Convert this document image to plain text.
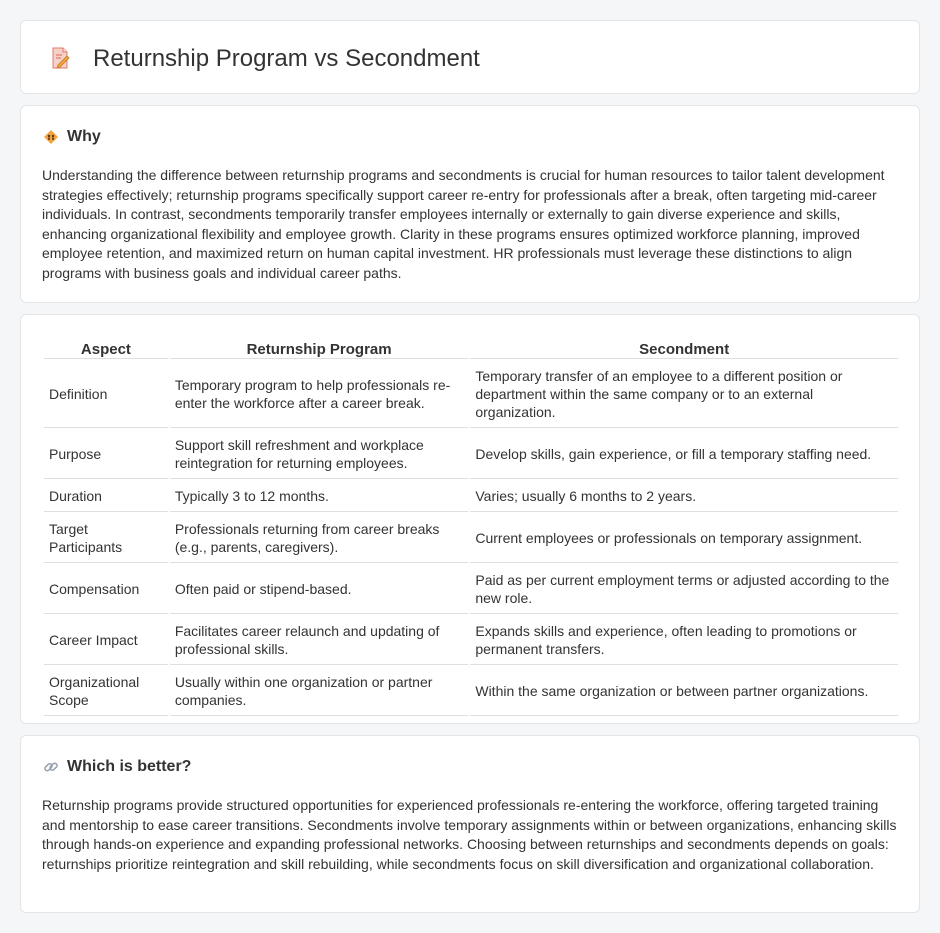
Returnship Program vs Secondment
Why

Understanding the difference between returnship programs and secondments is crucial for human resources to tailor talent development strategies effectively; returnship programs specifically support career re-entry for professionals after a break, often targeting mid-career individuals. In contrast, secondments temporarily transfer employees internally or externally to gain diverse experience and skills, enhancing organizational flexibility and employee growth. Clarity in these programs ensures optimized workforce planning, improved employee retention, and maximized return on human capital investment. HR professionals must leverage these distinctions to align programs with business goals and individual career paths.

Aspect	Returnship Program	Secondment
Definition	Temporary program to help professionals re-enter the workforce after a career break.	Temporary transfer of an employee to a different position or department within the same company or to an external organization.
Purpose	Support skill refreshment and workplace reintegration for returning employees.	Develop skills, gain experience, or fill a temporary staffing need.
Duration	Typically 3 to 12 months.	Varies; usually 6 months to 2 years.
Target Participants	Professionals returning from career breaks (e.g., parents, caregivers).	Current employees or professionals on temporary assignment.
Compensation	Often paid or stipend-based.	Paid as per current employment terms or adjusted according to the new role.
Career Impact	Facilitates career relaunch and updating of professional skills.	Expands skills and experience, often leading to promotions or permanent transfers.
Organizational Scope	Usually within one organization or partner companies.	Within the same organization or between partner organizations.
Which is better?

Returnship programs provide structured opportunities for experienced professionals re-entering the workforce, offering targeted training and mentorship to ease career transitions. Secondments involve temporary assignments within or between organizations, enhancing skills through hands-on experience and expanding professional networks. Choosing between returnships and secondments depends on goals: returnships prioritize reintegration and skill rebuilding, while secondments focus on skill diversification and organizational collaboration.
